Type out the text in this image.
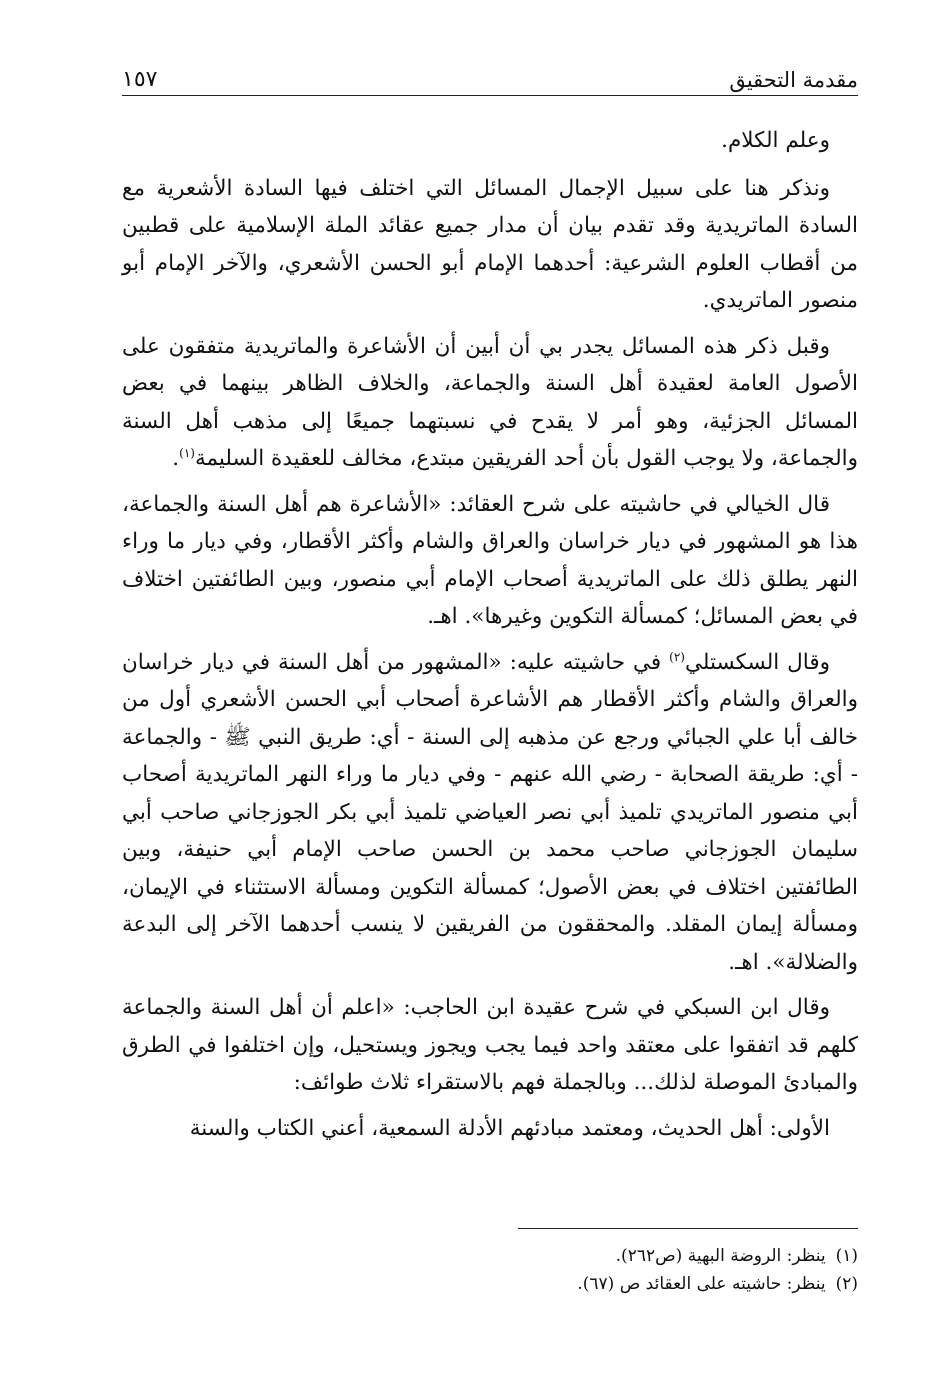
مقدمة التحقيق
١٥٧

وعلم الكلام.

ونذكر هنا على سبيل الإجمال المسائل التي اختلف فيها السادة الأشعرية مع السادة الماتريدية وقد تقدم بيان أن مدار جميع عقائد الملة الإسلامية على قطبين من أقطاب العلوم الشرعية: أحدهما الإمام أبو الحسن الأشعري، والآخر الإمام أبو منصور الماتريدي.

وقبل ذكر هذه المسائل يجدر بي أن أبين أن الأشاعرة والماتريدية متفقون على الأصول العامة لعقيدة أهل السنة والجماعة، والخلاف الظاهر بينهما في بعض المسائل الجزئية، وهو أمر لا يقدح في نسبتهما جميعًا إلى مذهب أهل السنة والجماعة، ولا يوجب القول بأن أحد الفريقين مبتدع، مخالف للعقيدة السليمة$^{(١)}$.

قال الخيالي في حاشيته على شرح العقائد: «الأشاعرة هم أهل السنة والجماعة، هذا هو المشهور في ديار خراسان والعراق والشام وأكثر الأقطار، وفي ديار ما وراء النهر يطلق ذلك على الماتريدية أصحاب الإمام أبي منصور، وبين الطائفتين اختلاف في بعض المسائل؛ كمسألة التكوين وغيرها». اهـ.

وقال السكستلي$^{(٢)}$ في حاشيته عليه: «المشهور من أهل السنة في ديار خراسان والعراق والشام وأكثر الأقطار هم الأشاعرة أصحاب أبي الحسن الأشعري أول من خالف أبا علي الجبائي ورجع عن مذهبه إلى السنة - أي: طريق النبي ﷺ - والجماعة - أي: طريقة الصحابة - رضي الله عنهم - وفي ديار ما وراء النهر الماتريدية أصحاب أبي منصور الماتريدي تلميذ أبي نصر العياضي تلميذ أبي بكر الجوزجاني صاحب أبي سليمان الجوزجاني صاحب محمد بن الحسن صاحب الإمام أبي حنيفة، وبين الطائفتين اختلاف في بعض الأصول؛ كمسألة التكوين ومسألة الاستثناء في الإيمان، ومسألة إيمان المقلد. والمحققون من الفريقين لا ينسب أحدهما الآخر إلى البدعة والضلالة». اهـ.

وقال ابن السبكي في شرح عقيدة ابن الحاجب: «اعلم أن أهل السنة والجماعة كلهم قد اتفقوا على معتقد واحد فيما يجب ويجوز ويستحيل، وإن اختلفوا في الطرق والمبادئ الموصلة لذلك... وبالجملة فهم بالاستقراء ثلاث طوائف:

الأولى: أهل الحديث، ومعتمد مبادئهم الأدلة السمعية، أعني الكتاب والسنة

(١)ينظر: الروضة البهية (ص٢٦٢).

(٢)ينظر: حاشيته على العقائد ص (٦٧).
